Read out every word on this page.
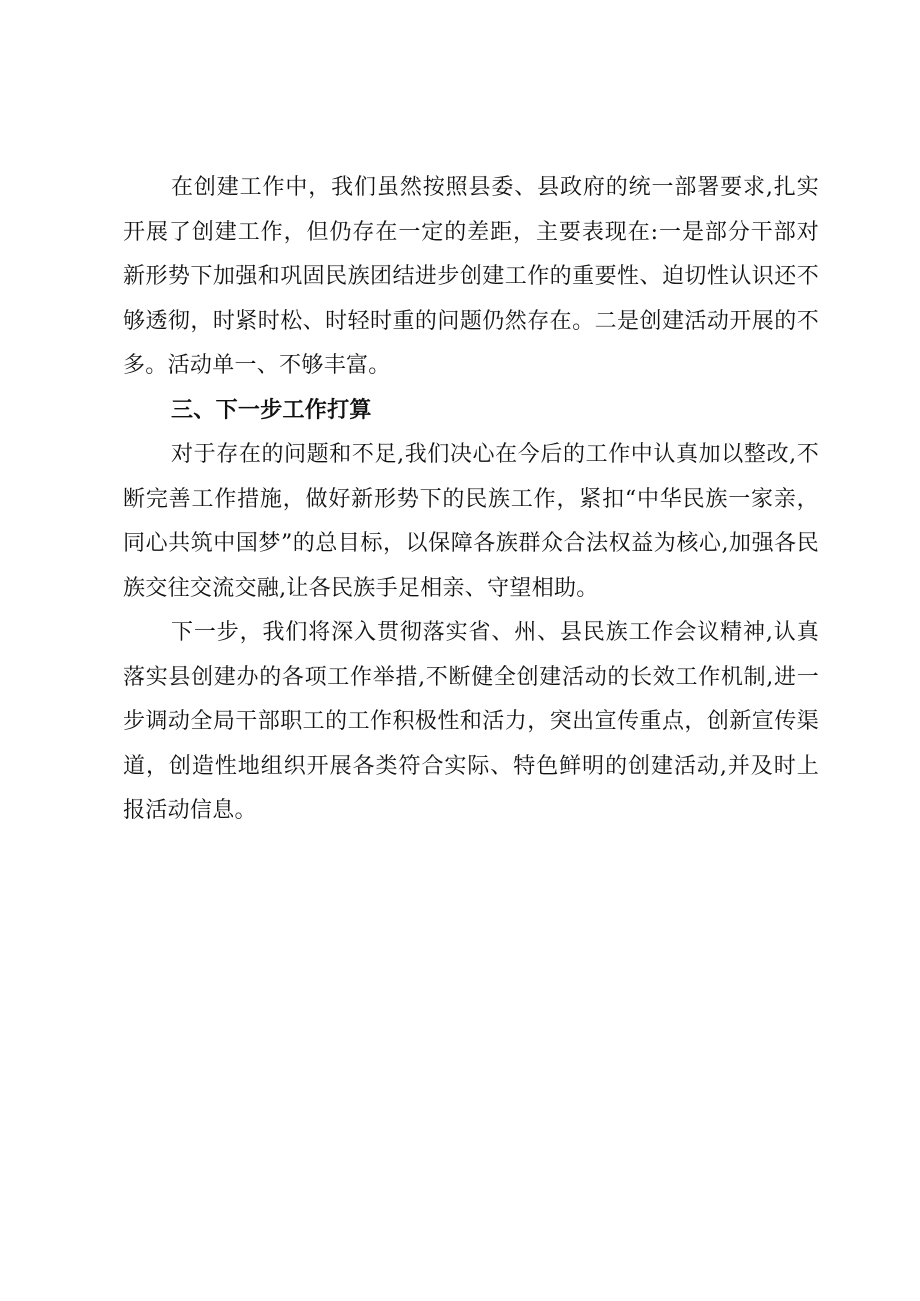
在创建工作中，我们虽然按照县委、县政府的统一部署要求,扎实开展了创建工作，但仍存在一定的差距，主要表现在:一是部分干部对新形势下加强和巩固民族团结进步创建工作的重要性、迫切性认识还不够透彻，时紧时松、时轻时重的问题仍然存在。二是创建活动开展的不多。活动单一、不够丰富。

三、下一步工作打算

对于存在的问题和不足,我们决心在今后的工作中认真加以整改,不断完善工作措施，做好新形势下的民族工作，紧扣“中华民族一家亲，同心共筑中国梦”的总目标，以保障各族群众合法权益为核心,加强各民族交往交流交融,让各民族手足相亲、守望相助。

下一步，我们将深入贯彻落实省、州、县民族工作会议精神,认真落实县创建办的各项工作举措,不断健全创建活动的长效工作机制,进一步调动全局干部职工的工作积极性和活力，突出宣传重点，创新宣传渠道，创造性地组织开展各类符合实际、特色鲜明的创建活动,并及时上报活动信息。
